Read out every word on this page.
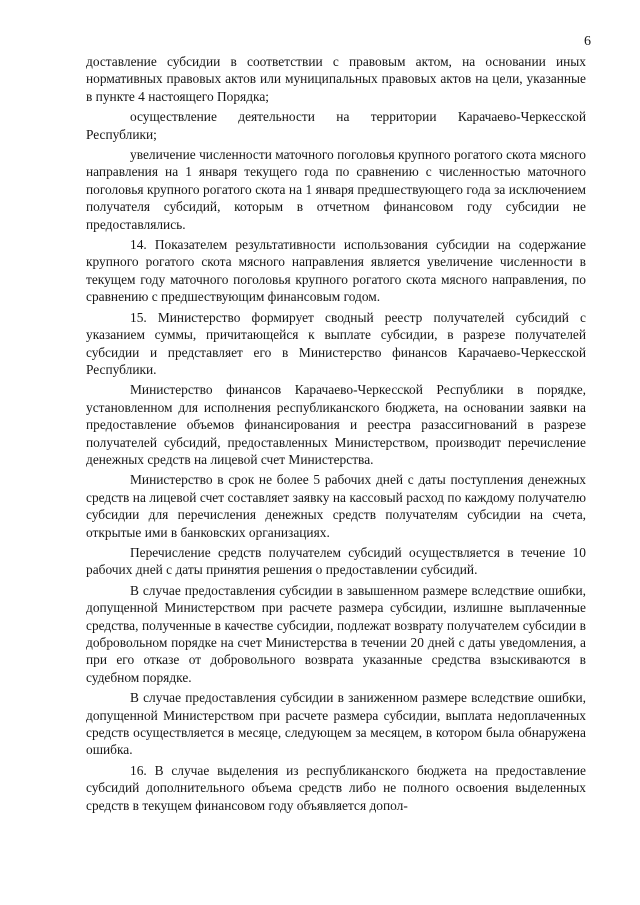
6

доставление субсидии в соответствии с правовым актом, на основании иных нормативных правовых актов или муниципальных правовых актов на цели, указанные в пункте 4 настоящего Порядка;

осуществление деятельности на территории Карачаево-Черкесской Республики;

увеличение численности маточного поголовья крупного рогатого скота мясного направления на 1 января текущего года по сравнению с численностью маточного поголовья крупного рогатого скота на 1 января предшествующего года за исключением получателя субсидий, которым в отчетном финансовом году субсидии не предоставлялись.

14. Показателем результативности использования субсидии на содержание крупного рогатого скота мясного направления является увеличение численности в текущем году маточного поголовья крупного рогатого скота мясного направления, по сравнению с предшествующим финансовым годом.

15. Министерство формирует сводный реестр получателей субсидий с указанием суммы, причитающейся к выплате субсидии, в разрезе получателей субсидии и представляет его в Министерство финансов Карачаево-Черкесской Республики.

Министерство финансов Карачаево-Черкесской Республики в порядке, установленном для исполнения республиканского бюджета, на основании заявки на предоставление объемов финансирования и реестра разассигнований в разрезе получателей субсидий, предоставленных Министерством, производит перечисление денежных средств на лицевой счет Министерства.

Министерство в срок не более 5 рабочих дней с даты поступления денежных средств на лицевой счет составляет заявку на кассовый расход по каждому получателю субсидии для перечисления денежных средств получателям субсидии на счета, открытые ими в банковских организациях.

Перечисление средств получателем субсидий осуществляется в течение 10 рабочих дней с даты принятия решения о предоставлении субсидий.

В случае предоставления субсидии в завышенном размере вследствие ошибки, допущенной Министерством при расчете размера субсидии, излишне выплаченные средства, полученные в качестве субсидии, подлежат возврату получателем субсидии в добровольном порядке на счет Министерства в течении 20 дней с даты уведомления, а при его отказе от добровольного возврата указанные средства взыскиваются в судебном порядке.

В случае предоставления субсидии в заниженном размере вследствие ошибки, допущенной Министерством при расчете размера субсидии, выплата недоплаченных средств осуществляется в месяце, следующем за месяцем, в котором была обнаружена ошибка.

16. В случае выделения из республиканского бюджета на предоставление субсидий дополнительного объема средств либо не полного освоения выделенных средств в текущем финансовом году объявляется допол-
